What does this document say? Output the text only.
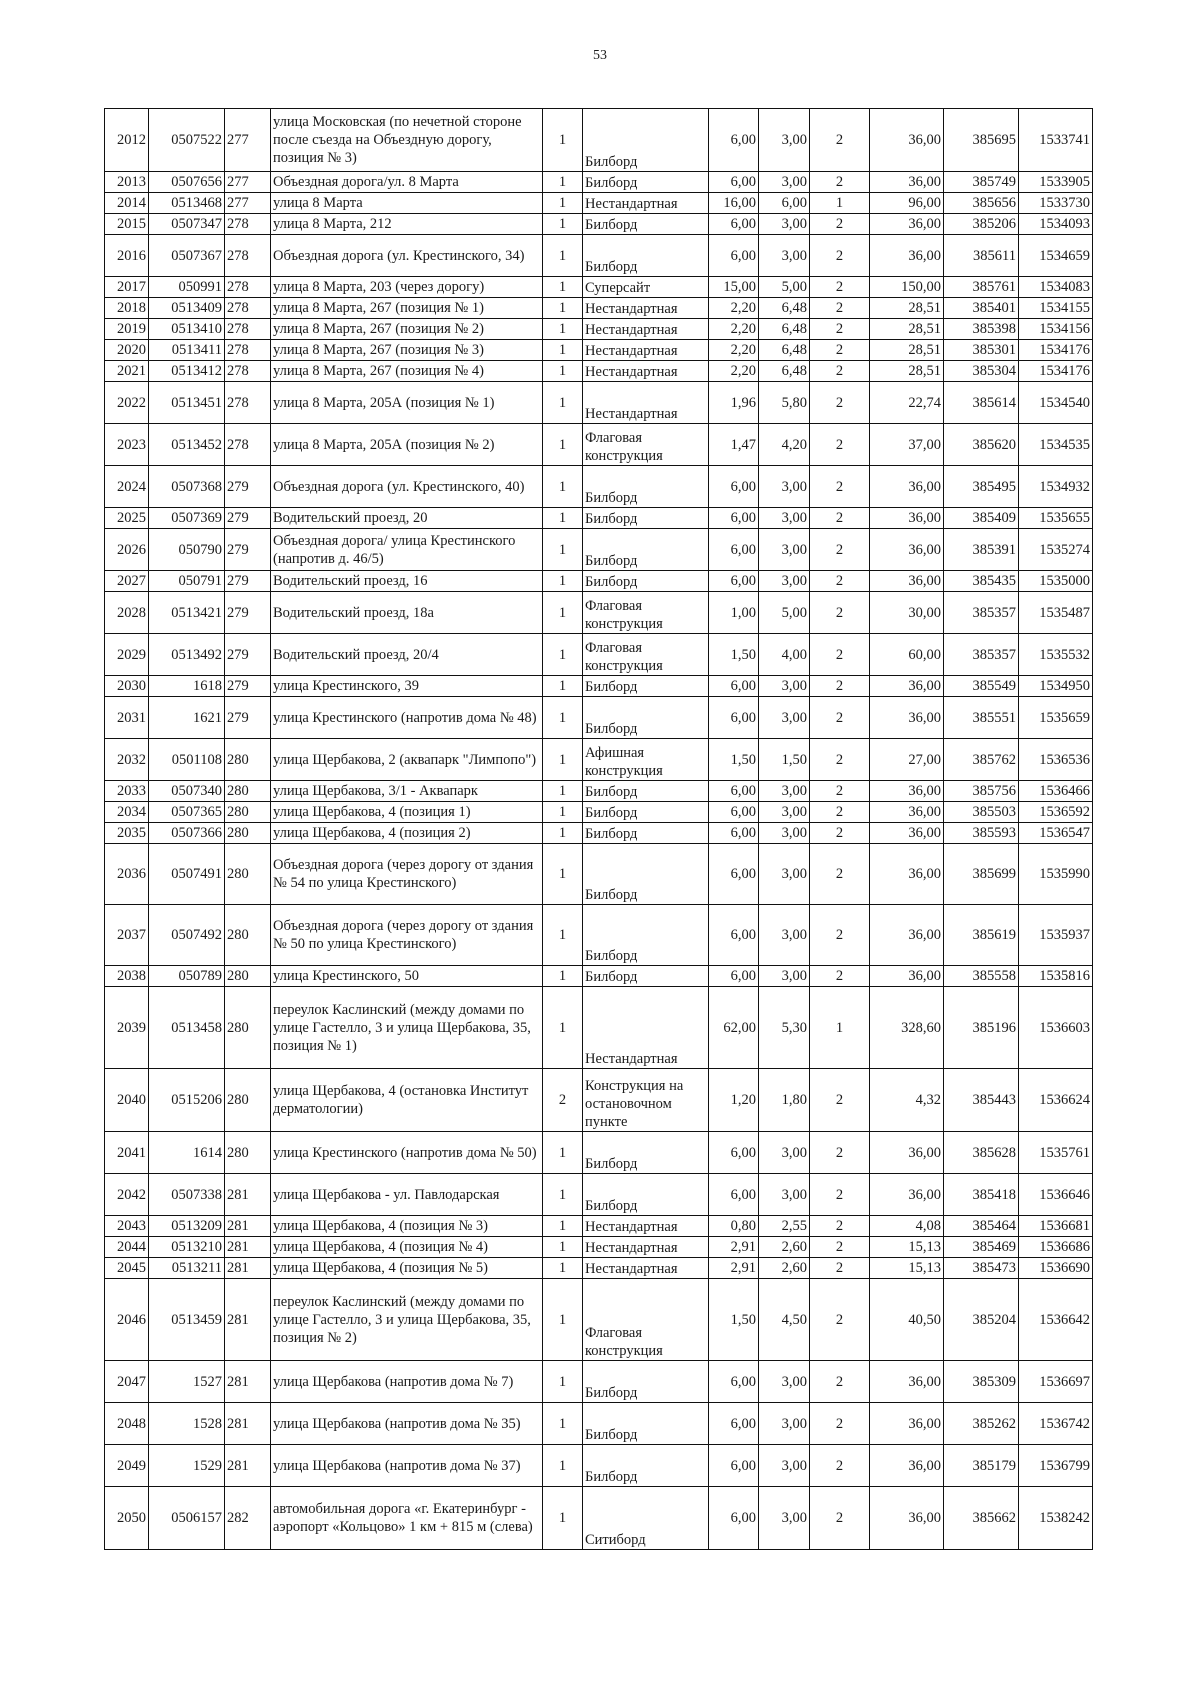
53
2012	0507522	277	улица Московская (по нечетной стороне после съезда на Объездную дорогу, позиция № 3)	1	Билборд	6,00	3,00	2	36,00	385695	1533741
2013	0507656	277	Объездная дорога/ул. 8 Марта	1	Билборд	6,00	3,00	2	36,00	385749	1533905
2014	0513468	277	улица 8 Марта	1	Нестандартная	16,00	6,00	1	96,00	385656	1533730
2015	0507347	278	улица 8 Марта, 212	1	Билборд	6,00	3,00	2	36,00	385206	1534093
2016	0507367	278	Объездная дорога (ул. Крестинского, 34)	1	Билборд	6,00	3,00	2	36,00	385611	1534659
2017	050991	278	улица 8 Марта, 203 (через дорогу)	1	Суперсайт	15,00	5,00	2	150,00	385761	1534083
2018	0513409	278	улица 8 Марта, 267 (позиция № 1)	1	Нестандартная	2,20	6,48	2	28,51	385401	1534155
2019	0513410	278	улица 8 Марта, 267 (позиция № 2)	1	Нестандартная	2,20	6,48	2	28,51	385398	1534156
2020	0513411	278	улица 8 Марта, 267 (позиция № 3)	1	Нестандартная	2,20	6,48	2	28,51	385301	1534176
2021	0513412	278	улица 8 Марта, 267 (позиция № 4)	1	Нестандартная	2,20	6,48	2	28,51	385304	1534176
2022	0513451	278	улица 8 Марта, 205А (позиция № 1)	1	Нестандартная	1,96	5,80	2	22,74	385614	1534540
2023	0513452	278	улица 8 Марта, 205А (позиция № 2)	1	Флаговая конструкция	1,47	4,20	2	37,00	385620	1534535
2024	0507368	279	Объездная дорога (ул. Крестинского, 40)	1	Билборд	6,00	3,00	2	36,00	385495	1534932
2025	0507369	279	Водительский проезд, 20	1	Билборд	6,00	3,00	2	36,00	385409	1535655
2026	050790	279	Объездная дорога/ улица Крестинского (напротив д. 46/5)	1	Билборд	6,00	3,00	2	36,00	385391	1535274
2027	050791	279	Водительский проезд, 16	1	Билборд	6,00	3,00	2	36,00	385435	1535000
2028	0513421	279	Водительский проезд, 18а	1	Флаговая конструкция	1,00	5,00	2	30,00	385357	1535487
2029	0513492	279	Водительский проезд, 20/4	1	Флаговая конструкция	1,50	4,00	2	60,00	385357	1535532
2030	1618	279	улица Крестинского, 39	1	Билборд	6,00	3,00	2	36,00	385549	1534950
2031	1621	279	улица Крестинского (напротив дома № 48)	1	Билборд	6,00	3,00	2	36,00	385551	1535659
2032	0501108	280	улица Щербакова, 2 (аквапарк "Лимпопо")	1	Афишная конструкция	1,50	1,50	2	27,00	385762	1536536
2033	0507340	280	улица Щербакова, 3/1 - Аквапарк	1	Билборд	6,00	3,00	2	36,00	385756	1536466
2034	0507365	280	улица Щербакова, 4 (позиция 1)	1	Билборд	6,00	3,00	2	36,00	385503	1536592
2035	0507366	280	улица Щербакова, 4 (позиция 2)	1	Билборд	6,00	3,00	2	36,00	385593	1536547
2036	0507491	280	Объездная дорога (через дорогу от здания № 54 по улица Крестинского)	1	Билборд	6,00	3,00	2	36,00	385699	1535990
2037	0507492	280	Объездная дорога (через дорогу от здания № 50 по улица Крестинского)	1	Билборд	6,00	3,00	2	36,00	385619	1535937
2038	050789	280	улица Крестинского, 50	1	Билборд	6,00	3,00	2	36,00	385558	1535816
2039	0513458	280	переулок Каслинский (между домами по улице Гастелло, 3 и улица Щербакова, 35, позиция № 1)	1	Нестандартная	62,00	5,30	1	328,60	385196	1536603
2040	0515206	280	улица Щербакова, 4 (остановка Институт дерматологии)	2	Конструкция на остановочном пункте	1,20	1,80	2	4,32	385443	1536624
2041	1614	280	улица Крестинского (напротив дома № 50)	1	Билборд	6,00	3,00	2	36,00	385628	1535761
2042	0507338	281	улица Щербакова - ул. Павлодарская	1	Билборд	6,00	3,00	2	36,00	385418	1536646
2043	0513209	281	улица Щербакова, 4 (позиция № 3)	1	Нестандартная	0,80	2,55	2	4,08	385464	1536681
2044	0513210	281	улица Щербакова, 4 (позиция № 4)	1	Нестандартная	2,91	2,60	2	15,13	385469	1536686
2045	0513211	281	улица Щербакова, 4 (позиция № 5)	1	Нестандартная	2,91	2,60	2	15,13	385473	1536690
2046	0513459	281	переулок Каслинский (между домами по улице Гастелло, 3 и улица Щербакова, 35, позиция № 2)	1	Флаговая конструкция	1,50	4,50	2	40,50	385204	1536642
2047	1527	281	улица Щербакова (напротив дома № 7)	1	Билборд	6,00	3,00	2	36,00	385309	1536697
2048	1528	281	улица Щербакова (напротив дома № 35)	1	Билборд	6,00	3,00	2	36,00	385262	1536742
2049	1529	281	улица Щербакова (напротив дома № 37)	1	Билборд	6,00	3,00	2	36,00	385179	1536799
2050	0506157	282	автомобильная дорога «г. Екатеринбург - аэропорт «Кольцово» 1 км + 815 м (слева)	1	Ситиборд	6,00	3,00	2	36,00	385662	1538242
